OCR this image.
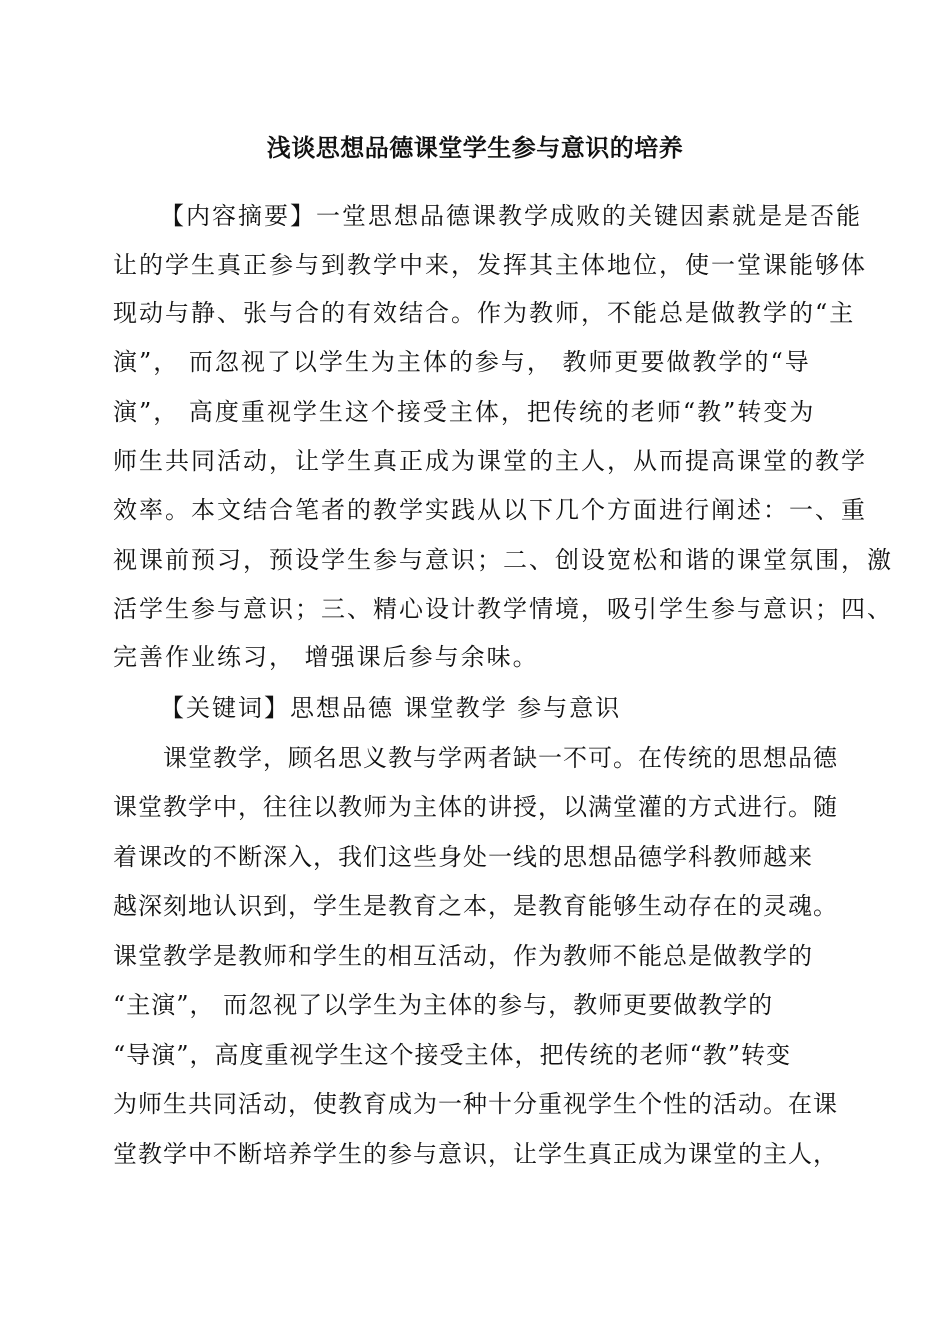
浅谈思想品德课堂学生参与意识的培养

【内容摘要】一堂思想品德课教学成败的关键因素就是是否能

让的学生真正参与到教学中来，发挥其主体地位，使一堂课能够体

现动与静、张与合的有效结合。作为教师，不能总是做教学的“主

演”， 而忽视了以学生为主体的参与， 教师更要做教学的“导

演”， 高度重视学生这个接受主体，把传统的老师“教”转变为

师生共同活动，让学生真正成为课堂的主人，从而提高课堂的教学

效率。本文结合笔者的教学实践从以下几个方面进行阐述：一、重

视课前预习，预设学生参与意识；二、创设宽松和谐的课堂氛围，激

活学生参与意识；三、精心设计教学情境，吸引学生参与意识；四、

完善作业练习， 增强课后参与余味。

【关键词】思想品德 课堂教学 参与意识

课堂教学，顾名思义教与学两者缺一不可。在传统的思想品德

课堂教学中，往往以教师为主体的讲授，以满堂灌的方式进行。随

着课改的不断深入，我们这些身处一线的思想品德学科教师越来

越深刻地认识到，学生是教育之本，是教育能够生动存在的灵魂。

课堂教学是教师和学生的相互活动，作为教师不能总是做教学的

“主演”， 而忽视了以学生为主体的参与，教师更要做教学的

“导演”，高度重视学生这个接受主体，把传统的老师“教”转变

为师生共同活动，使教育成为一种十分重视学生个性的活动。在课

堂教学中不断培养学生的参与意识，让学生真正成为课堂的主人，
